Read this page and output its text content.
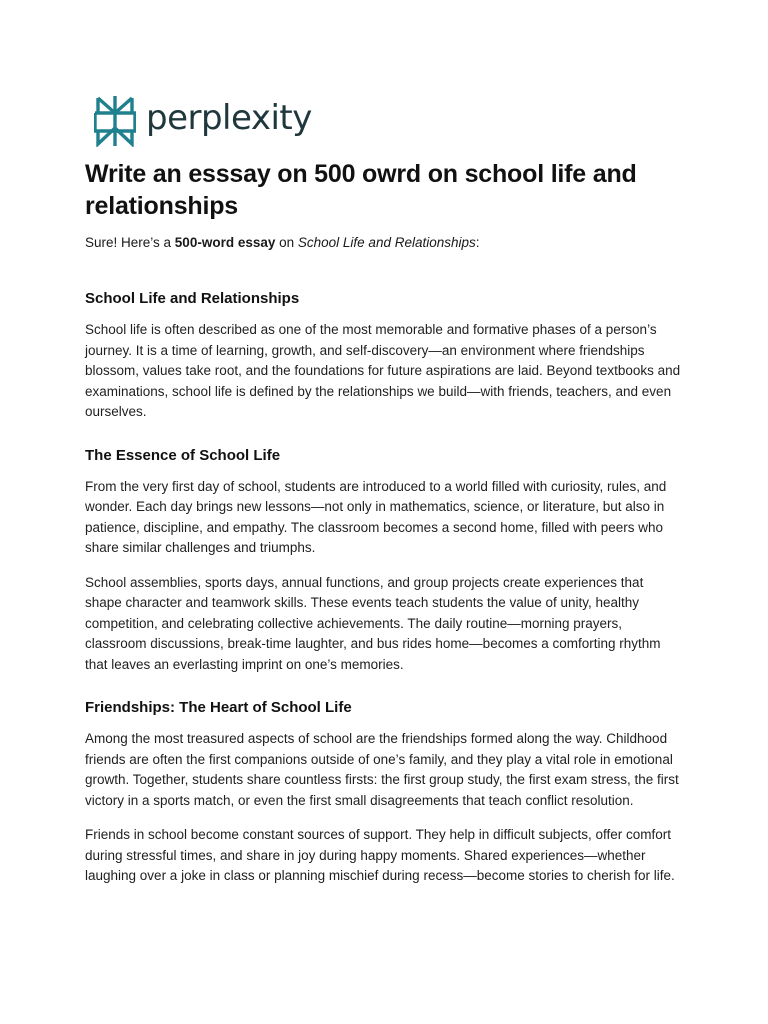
perplexity
Write an esssay on 500 owrd on school life and relationships

Sure! Here’s a 500-word essay on School Life and Relationships:

School Life and Relationships

School life is often described as one of the most memorable and formative phases of a person’s journey. It is a time of learning, growth, and self-discovery—an environment where friendships blossom, values take root, and the foundations for future aspirations are laid. Beyond textbooks and examinations, school life is defined by the relationships we build—with friends, teachers, and even ourselves.

The Essence of School Life

From the very first day of school, students are introduced to a world filled with curiosity, rules, and wonder. Each day brings new lessons—not only in mathematics, science, or literature, but also in patience, discipline, and empathy. The classroom becomes a second home, filled with peers who share similar challenges and triumphs.

School assemblies, sports days, annual functions, and group projects create experiences that shape character and teamwork skills. These events teach students the value of unity, healthy competition, and celebrating collective achievements. The daily routine—morning prayers, classroom discussions, break-time laughter, and bus rides home—becomes a comforting rhythm that leaves an everlasting imprint on one’s memories.

Friendships: The Heart of School Life

Among the most treasured aspects of school are the friendships formed along the way. Childhood friends are often the first companions outside of one’s family, and they play a vital role in emotional growth. Together, students share countless firsts: the first group study, the first exam stress, the first victory in a sports match, or even the first small disagreements that teach conflict resolution.

Friends in school become constant sources of support. They help in difficult subjects, offer comfort during stressful times, and share in joy during happy moments. Shared experiences—whether laughing over a joke in class or planning mischief during recess—become stories to cherish for life.
